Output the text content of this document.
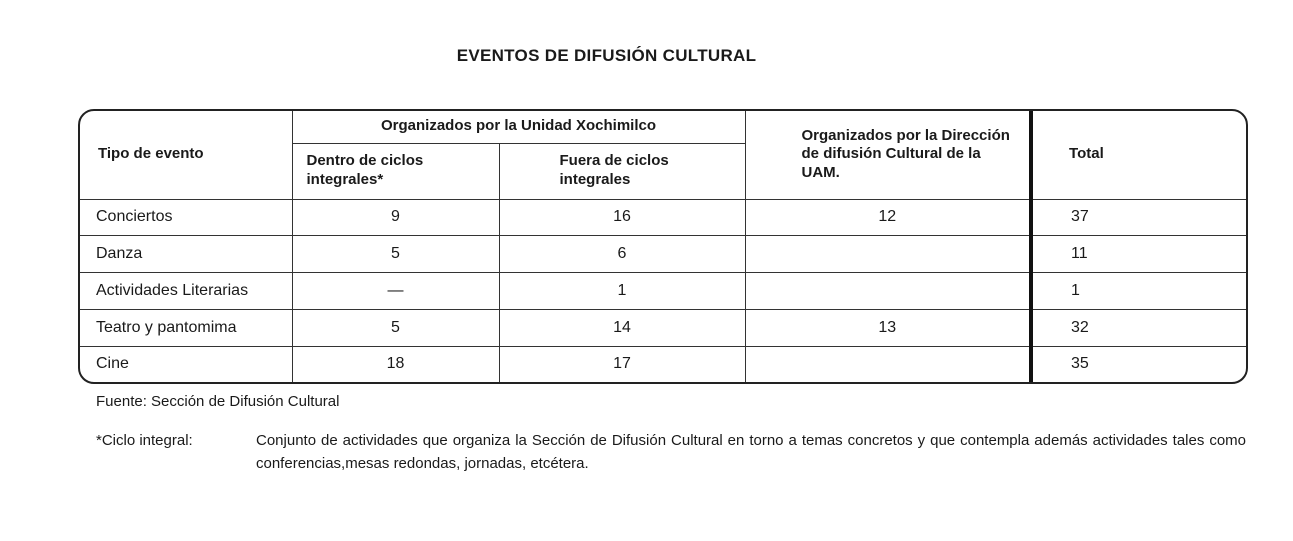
EVENTOS DE DIFUSIÓN CULTURAL
Tipo de evento	Organizados por la Unidad Xochimilco		Organizados por la Dirección de difusión Cultural de la UAM.	Total
	Dentro de ciclos integrales*	Fuera de ciclos integrales		
Conciertos	9	16	12	37
Danza	5	6		11
Actividades Literarias	—	1		1
Teatro y pantomima	5	14	13	32
Cine	18	17		35
Fuente: Sección de Difusión Cultural
*Ciclo integral:	Conjunto de actividades que organiza la Sección de Difusión Cultural en torno a temas concretos y que contempla además actividades tales como conferencias,mesas redondas, jornadas, etcétera.
